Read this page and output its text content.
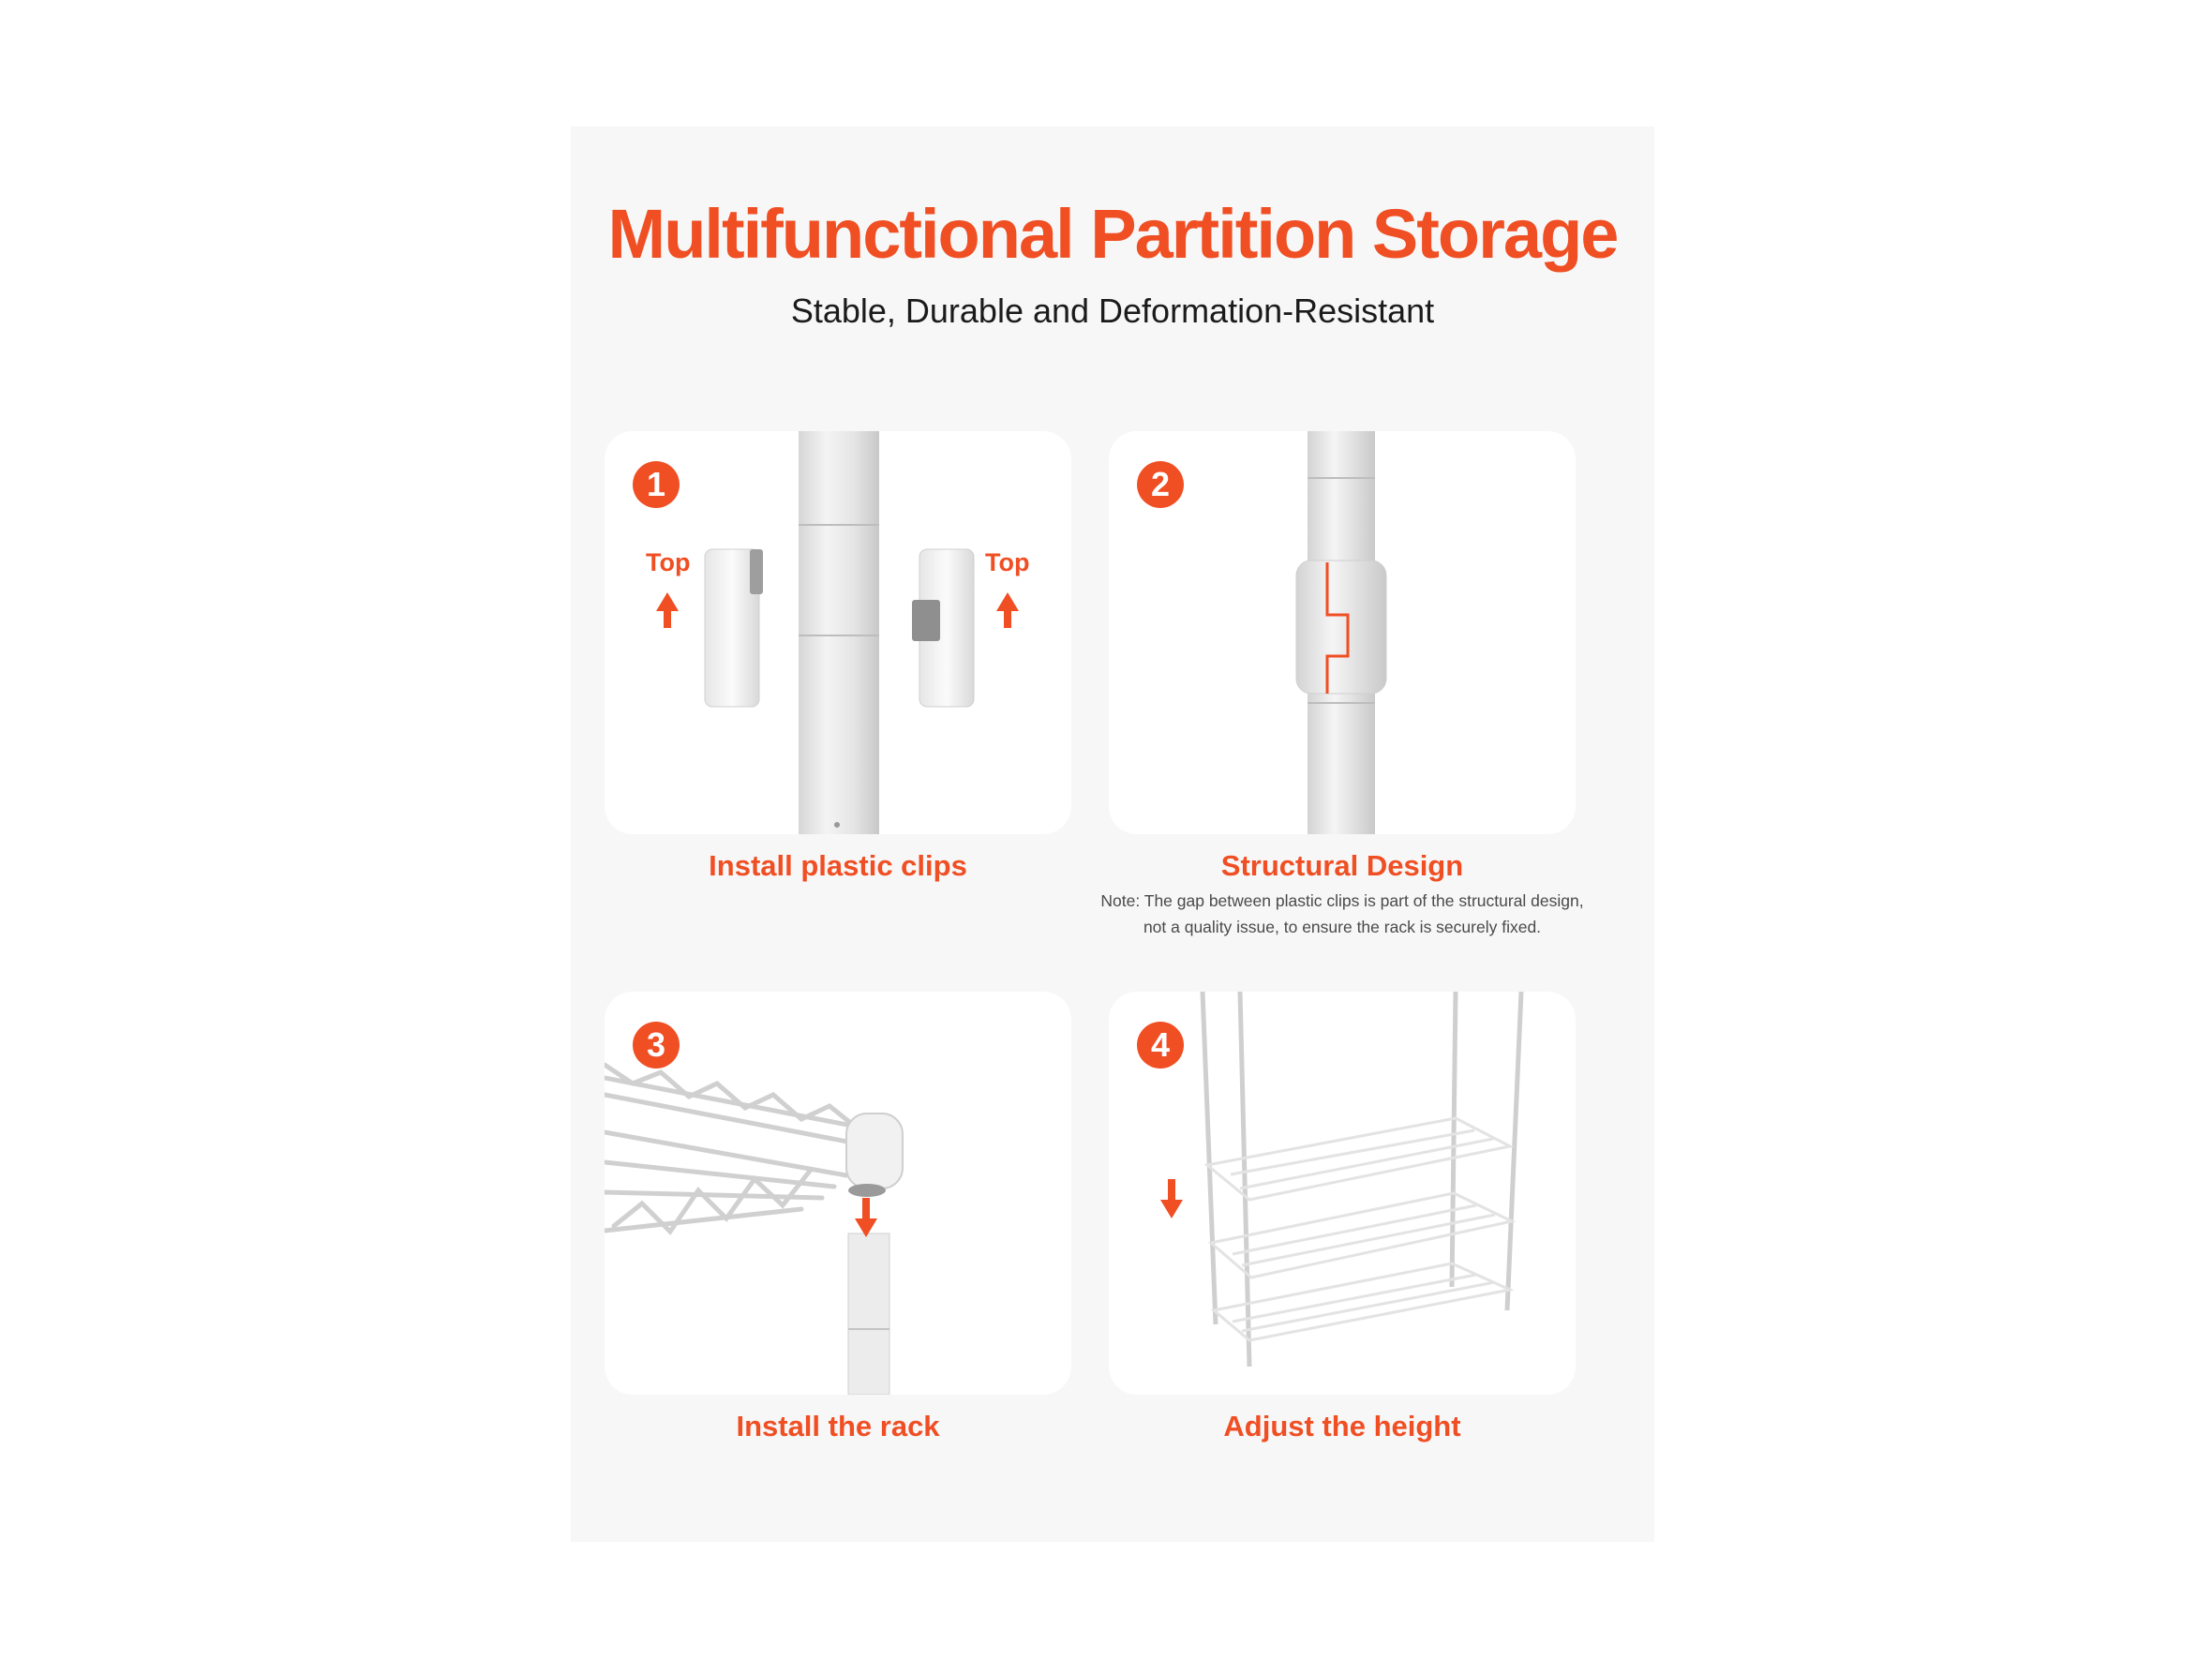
Multifunctional Partition Storage

Stable, Durable and Deformation-Resistant

1
Top	Top

Install plastic clips

2

Structural Design

Note: The gap between plastic clips is part of the structural design,

not a quality issue, to ensure the rack is securely fixed.

3

Install the rack

4

Adjust the height
